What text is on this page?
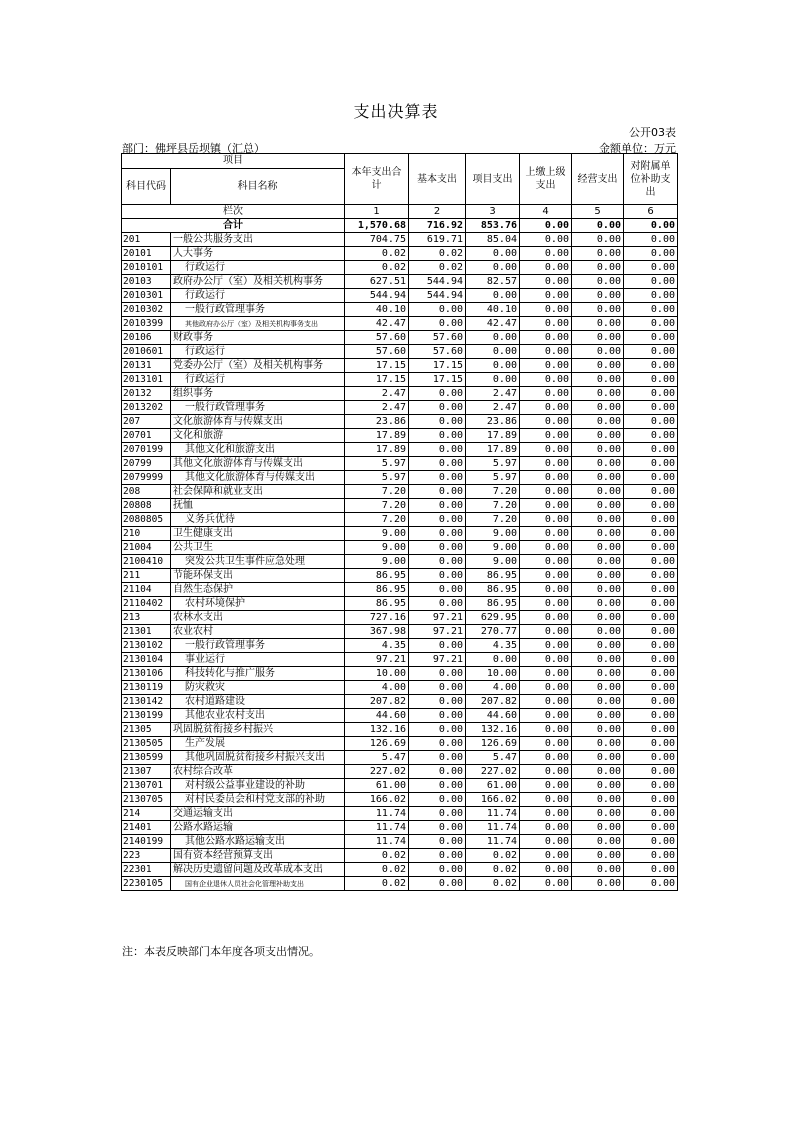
支出决算表
公开03表
部门：佛坪县岳坝镇（汇总）	金额单位：万元
项目		本年支出合计	基本支出	项目支出	上缴上级支出	经营支出	对附属单位补助支出
科目代码	科目名称						
栏次		1	2	3	4	5	6
合计		1,570.68	716.92	853.76	0.00	0.00	0.00
201	一般公共服务支出	704.75	619.71	85.04	0.00	0.00	0.00
20101	人大事务	0.02	0.02	0.00	0.00	0.00	0.00
2010101	行政运行	0.02	0.02	0.00	0.00	0.00	0.00
20103	政府办公厅（室）及相关机构事务	627.51	544.94	82.57	0.00	0.00	0.00
2010301	行政运行	544.94	544.94	0.00	0.00	0.00	0.00
2010302	一般行政管理事务	40.10	0.00	40.10	0.00	0.00	0.00
2010399	其他政府办公厅（室）及相关机构事务支出	42.47	0.00	42.47	0.00	0.00	0.00
20106	财政事务	57.60	57.60	0.00	0.00	0.00	0.00
2010601	行政运行	57.60	57.60	0.00	0.00	0.00	0.00
20131	党委办公厅（室）及相关机构事务	17.15	17.15	0.00	0.00	0.00	0.00
2013101	行政运行	17.15	17.15	0.00	0.00	0.00	0.00
20132	组织事务	2.47	0.00	2.47	0.00	0.00	0.00
2013202	一般行政管理事务	2.47	0.00	2.47	0.00	0.00	0.00
207	文化旅游体育与传媒支出	23.86	0.00	23.86	0.00	0.00	0.00
20701	文化和旅游	17.89	0.00	17.89	0.00	0.00	0.00
2070199	其他文化和旅游支出	17.89	0.00	17.89	0.00	0.00	0.00
20799	其他文化旅游体育与传媒支出	5.97	0.00	5.97	0.00	0.00	0.00
2079999	其他文化旅游体育与传媒支出	5.97	0.00	5.97	0.00	0.00	0.00
208	社会保障和就业支出	7.20	0.00	7.20	0.00	0.00	0.00
20808	抚恤	7.20	0.00	7.20	0.00	0.00	0.00
2080805	义务兵优待	7.20	0.00	7.20	0.00	0.00	0.00
210	卫生健康支出	9.00	0.00	9.00	0.00	0.00	0.00
21004	公共卫生	9.00	0.00	9.00	0.00	0.00	0.00
2100410	突发公共卫生事件应急处理	9.00	0.00	9.00	0.00	0.00	0.00
211	节能环保支出	86.95	0.00	86.95	0.00	0.00	0.00
21104	自然生态保护	86.95	0.00	86.95	0.00	0.00	0.00
2110402	农村环境保护	86.95	0.00	86.95	0.00	0.00	0.00
213	农林水支出	727.16	97.21	629.95	0.00	0.00	0.00
21301	农业农村	367.98	97.21	270.77	0.00	0.00	0.00
2130102	一般行政管理事务	4.35	0.00	4.35	0.00	0.00	0.00
2130104	事业运行	97.21	97.21	0.00	0.00	0.00	0.00
2130106	科技转化与推广服务	10.00	0.00	10.00	0.00	0.00	0.00
2130119	防灾救灾	4.00	0.00	4.00	0.00	0.00	0.00
2130142	农村道路建设	207.82	0.00	207.82	0.00	0.00	0.00
2130199	其他农业农村支出	44.60	0.00	44.60	0.00	0.00	0.00
21305	巩固脱贫衔接乡村振兴	132.16	0.00	132.16	0.00	0.00	0.00
2130505	生产发展	126.69	0.00	126.69	0.00	0.00	0.00
2130599	其他巩固脱贫衔接乡村振兴支出	5.47	0.00	5.47	0.00	0.00	0.00
21307	农村综合改革	227.02	0.00	227.02	0.00	0.00	0.00
2130701	对村级公益事业建设的补助	61.00	0.00	61.00	0.00	0.00	0.00
2130705	对村民委员会和村党支部的补助	166.02	0.00	166.02	0.00	0.00	0.00
214	交通运输支出	11.74	0.00	11.74	0.00	0.00	0.00
21401	公路水路运输	11.74	0.00	11.74	0.00	0.00	0.00
2140199	其他公路水路运输支出	11.74	0.00	11.74	0.00	0.00	0.00
223	国有资本经营预算支出	0.02	0.00	0.02	0.00	0.00	0.00
22301	解决历史遗留问题及改革成本支出	0.02	0.00	0.02	0.00	0.00	0.00
2230105	国有企业退休人员社会化管理补助支出	0.02	0.00	0.02	0.00	0.00	0.00
注：本表反映部门本年度各项支出情况。
